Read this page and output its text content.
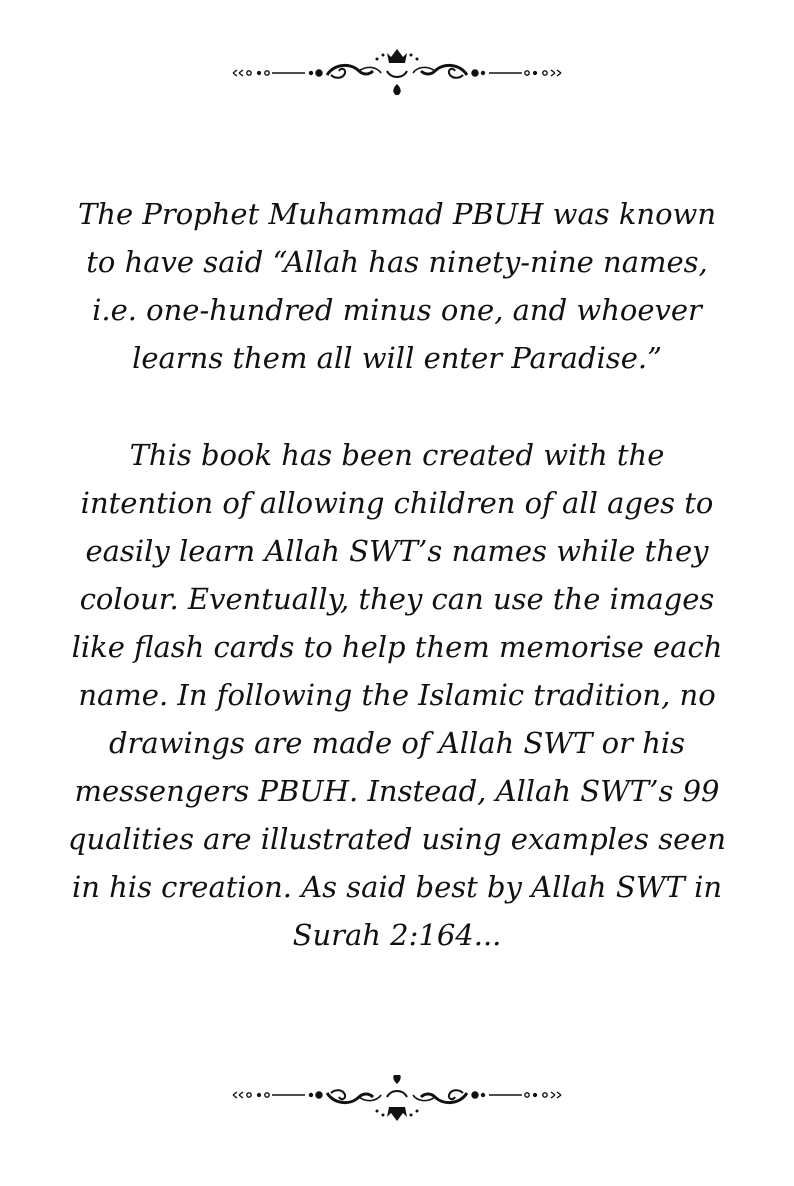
The Prophet Muhammad PBUH was known to have said “Allah has ninety-nine names, i.e. one-hundred minus one, and whoever learns them all will enter Paradise.”

This book has been created with the intention of allowing children of all ages to easily learn Allah SWT’s names while they colour. Eventually, they can use the images like flash cards to help them memorise each name. In following the Islamic tradition, no drawings are made of Allah SWT or his messengers PBUH. Instead, Allah SWT’s 99 qualities are illustrated using examples seen in his creation. As said best by Allah SWT in Surah 2:164...
